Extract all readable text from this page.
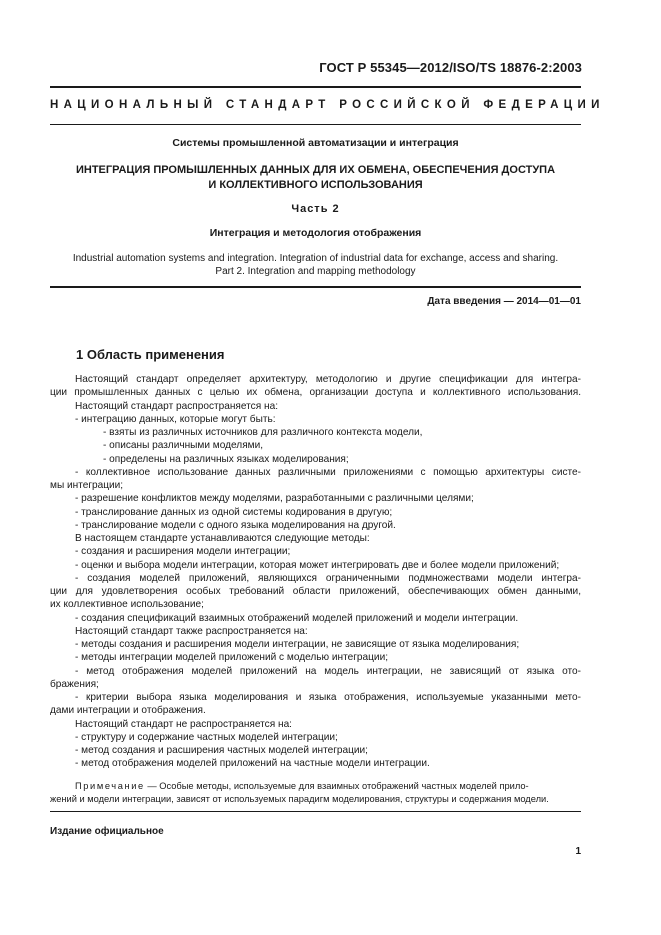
ГОСТ Р 55345—2012/ISO/TS 18876-2:2003
НАЦИОНАЛЬНЫЙ СТАНДАРТ РОССИЙСКОЙ ФЕДЕРАЦИИ
Системы промышленной автоматизации и интеграция
ИНТЕГРАЦИЯ ПРОМЫШЛЕННЫХ ДАННЫХ ДЛЯ ИХ ОБМЕНА, ОБЕСПЕЧЕНИЯ ДОСТУПА
И КОЛЛЕКТИВНОГО ИСПОЛЬЗОВАНИЯ
Часть 2
Интеграция и методология отображения
Industrial automation systems and integration. Integration of industrial data for exchange, access and sharing.
Part 2. Integration and mapping methodology
Дата введения — 2014—01—01
1 Область применения

Настоящий стандарт определяет архитектуру, методологию и другие спецификации для интегра-

ции промышленных данных с целью их обмена, организации доступа и коллективного использования.

Настоящий стандарт распространяется на:

- интеграцию данных, которые могут быть:

- взяты из различных источников для различного контекста модели,

- описаны различными моделями,

- определены на различных языках моделирования;

- коллективное использование данных различными приложениями с помощью архитектуры систе-

мы интеграции;

- разрешение конфликтов между моделями, разработанными с различными целями;

- транслирование данных из одной системы кодирования в другую;

- транслирование модели с одного языка моделирования на другой.

В настоящем стандарте устанавливаются следующие методы:

- создания и расширения модели интеграции;

- оценки и выбора модели интеграции, которая может интегрировать две и более модели приложений;

- создания моделей приложений, являющихся ограниченными подмножествами модели интегра-

ции для удовлетворения особых требований области приложений, обеспечивающих обмен данными,

их коллективное использование;

- создания спецификаций взаимных отображений моделей приложений и модели интеграции.

Настоящий стандарт также распространяется на:

- методы создания и расширения модели интеграции, не зависящие от языка моделирования;

- методы интеграции моделей приложений с моделью интеграции;

- метод отображения моделей приложений на модель интеграции, не зависящий от языка ото-

бражения;

- критерии выбора языка моделирования и языка отображения, используемые указанными мето-

дами интеграции и отображения.

Настоящий стандарт не распространяется на:

- структуру и содержание частных моделей интеграции;

- метод создания и расширения частных моделей интеграции;

- метод отображения моделей приложений на частные модели интеграции.

Примечание — Особые методы, используемые для взаимных отображений частных моделей прило-

жений и модели интеграции, зависят от используемых парадигм моделирования, структуры и содержания модели.

Издание официальное
1
